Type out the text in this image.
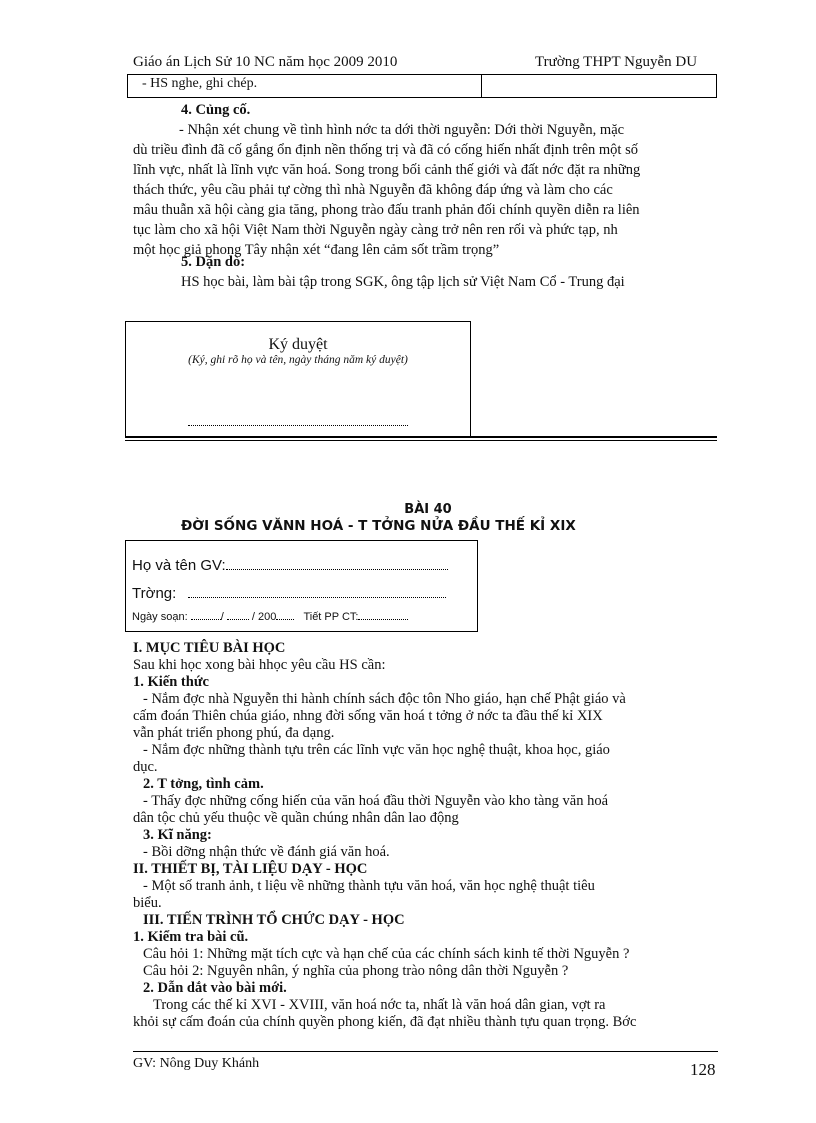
Giáo án Lịch Sử 10 NC năm học 2009 2010	Trường THPT Nguyễn DU
- HS nghe, ghi chép.
4. Củng cố.
- Nhận xét chung về tình hình nớc ta dới thời nguyễn: Dới thời Nguyễn, mặc
dù triều đình đã cố gắng ổn định nền thống trị và đã có cống hiến nhất định trên một số
lĩnh vực, nhất là lĩnh vực văn hoá. Song trong bối cảnh thế giới và đất nớc đặt ra những
thách thức, yêu cầu phải tự cờng thì nhà Nguyễn đã không đáp ứng và làm cho các
mâu thuẫn xã hội càng gia tăng, phong trào đấu tranh phản đối chính quyền diễn ra liên
tục làm cho xã hội Việt Nam thời Nguyễn ngày càng trở nên ren rối và phức tạp, nh
một học giả phong Tây nhận xét “đang lên cảm sốt trầm trọng”
5. Dặn dò:
HS học bài, làm bài tập trong SGK, ông tập lịch sử Việt Nam Cổ - Trung đại
Ký duyệt
(Ký, ghi rõ họ và tên, ngày tháng năm ký duyệt)
BÀI 40
ĐỜI SỐNG VĂNN HOÁ - T TỞNG NỬA ĐẦU THẾ KỈ XIX
Họ và tên GV:
Trờng:
Ngày soạn:	/	/ 200 Tiết PP CT:
I. MỤC TIÊU BÀI HỌC
Sau khi học xong bài hhọc yêu cầu HS cần:
1. Kiến thức
- Nắm đợc nhà Nguyễn thi hành chính sách độc tôn Nho giáo, hạn chế Phật giáo và
cấm đoán Thiên chúa giáo, nhng đời sống văn hoá t tởng ở nớc ta đầu thế kỉ XIX
vẫn phát triển phong phú, đa dạng.
- Nắm đợc những thành tựu trên các lĩnh vực văn học nghệ thuật, khoa học, giáo
dục.
2. T tởng, tình cảm.
- Thấy đợc những cống hiến của văn hoá đầu thời Nguyễn vào kho tàng văn hoá
dân tộc chủ yếu thuộc về quần chúng nhân dân lao động
3. Kĩ năng:
- Bồi dỡng nhận thức về đánh giá văn hoá.
II. THIẾT BỊ, TÀI LIỆU DẠY - HỌC
- Một số tranh ảnh, t liệu về những thành tựu văn hoá, văn học nghệ thuật tiêu
biểu.
III. TIẾN TRÌNH TỔ CHỨC DẠY - HỌC
1. Kiểm tra bài cũ.
Câu hỏi 1: Những mặt tích cực và hạn chế của các chính sách kinh tế thời Nguyễn ?
Câu hỏi 2: Nguyên nhân, ý nghĩa của phong trào nông dân thời Nguyễn ?
2. Dẫn dắt vào bài mới.
Trong các thế kỉ XVI - XVIII, văn hoá nớc ta, nhất là văn hoá dân gian, vợt ra
khỏi sự cấm đoán của chính quyền phong kiến, đã đạt nhiều thành tựu quan trọng. Bớc
GV: Nông Duy Khánh	128
